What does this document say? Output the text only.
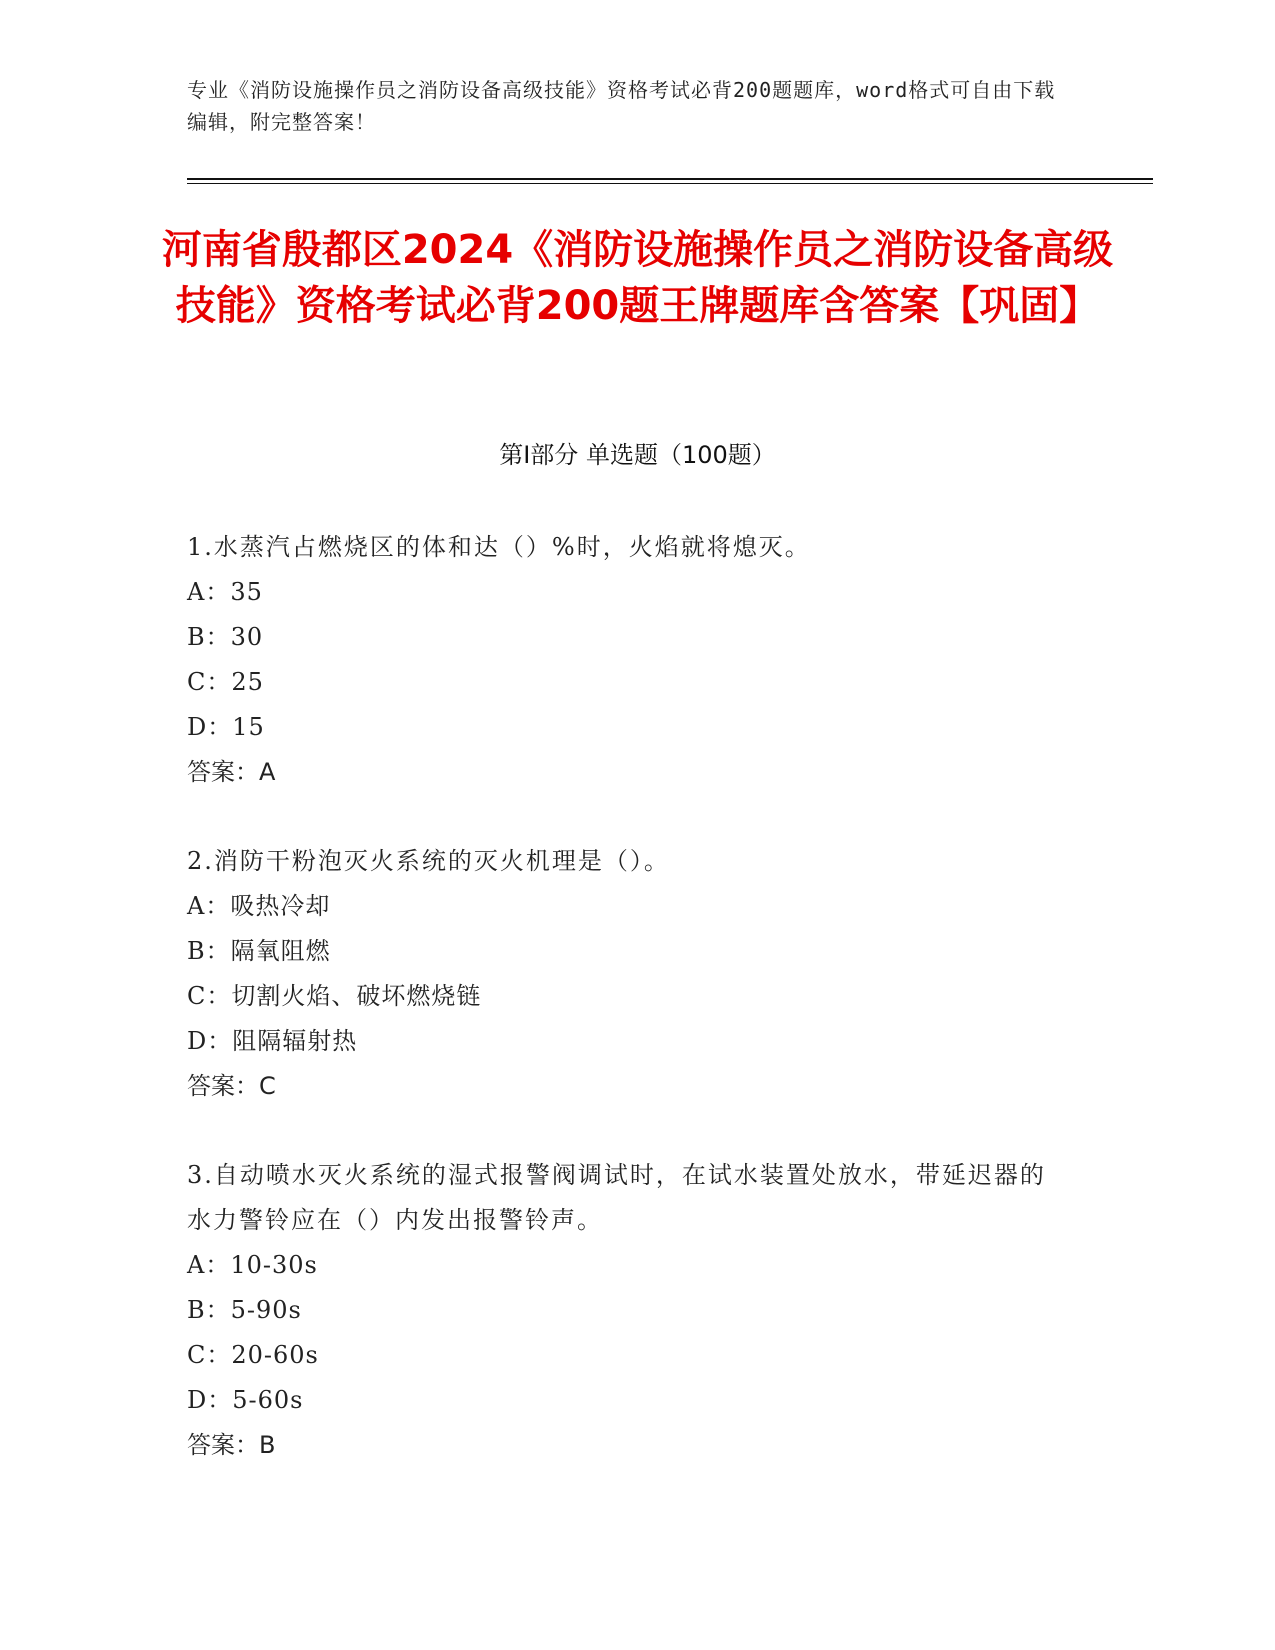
专业《消防设施操作员之消防设备高级技能》资格考试必背200题题库，word格式可自由下载编辑，附完整答案！
河南省殷都区2024《消防设施操作员之消防设备高级技能》资格考试必背200题王牌题库含答案【巩固】
第I部分 单选题（100题）
1.水蒸汽占燃烧区的体和达（）%时，火焰就将熄灭。
A：35
B：30
C：25
D：15
答案：A
2.消防干粉泡灭火系统的灭火机理是（）。
A：吸热冷却
B：隔氧阻燃
C：切割火焰、破坏燃烧链
D：阻隔辐射热
答案：C
3.自动喷水灭火系统的湿式报警阀调试时，在试水装置处放水，带延迟器的水力警铃应在（）内发出报警铃声。
A：10-30s
B：5-90s
C：20-60s
D：5-60s
答案：B
